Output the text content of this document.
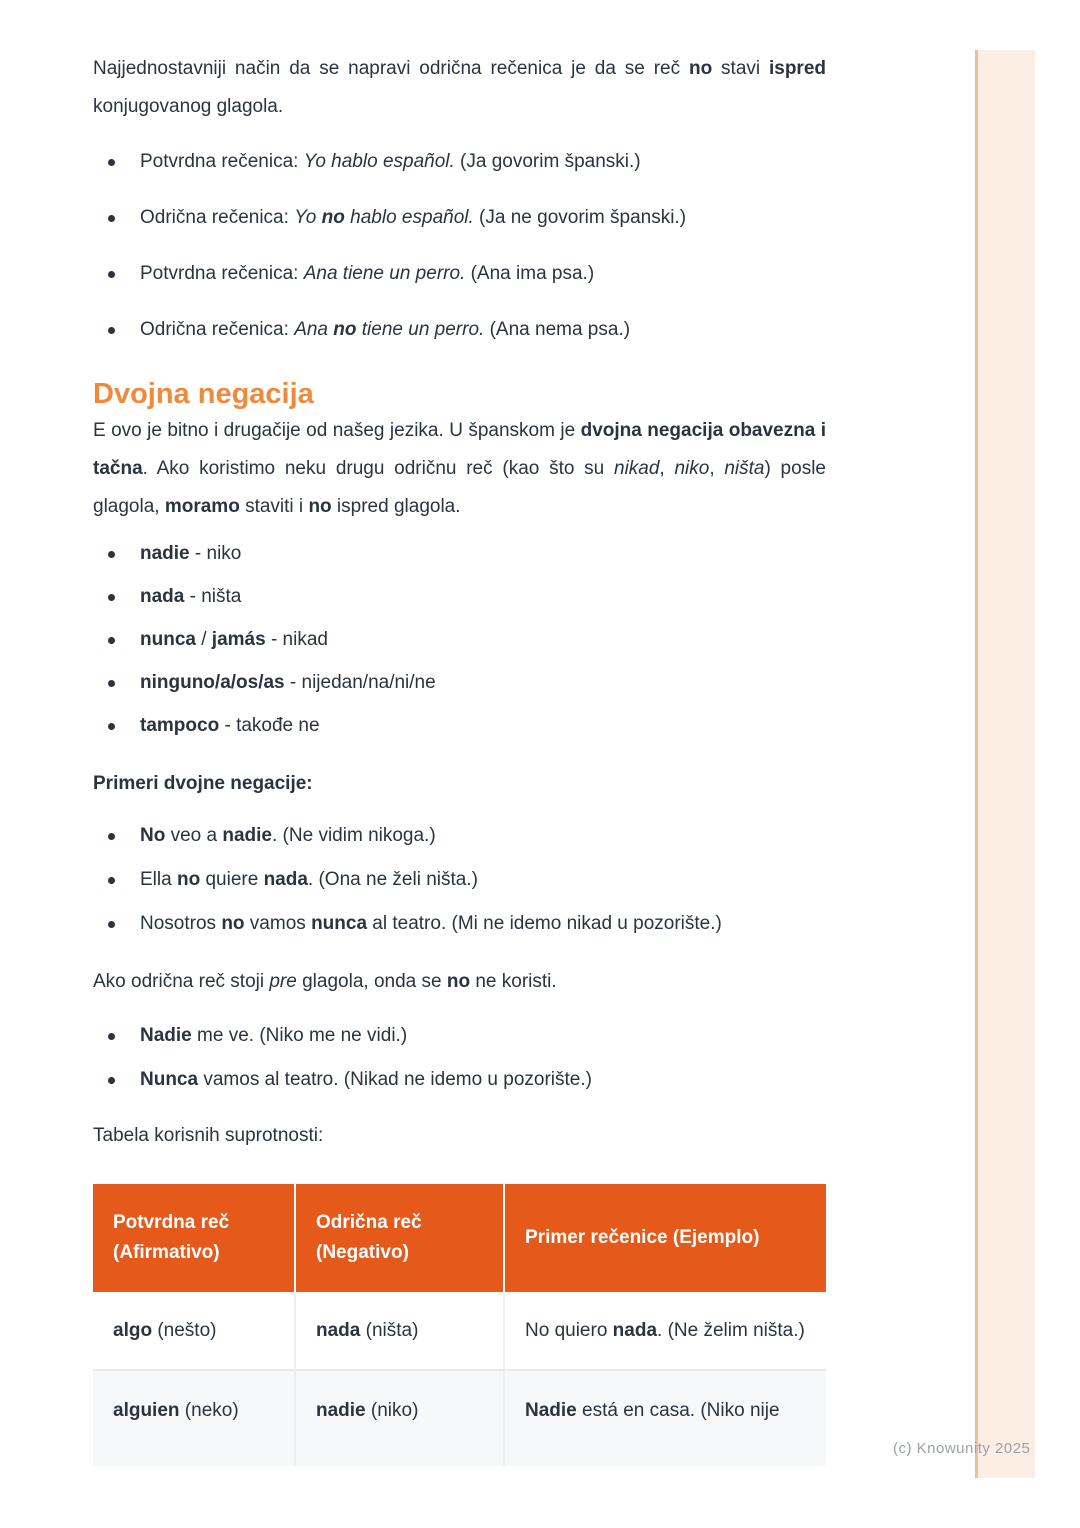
Najjednostavniji način da se napravi odrična rečenica je da se reč no stavi ispred konjugovanog glagola.

Potvrdna rečenica: Yo hablo español. (Ja govorim španski.)
Odrična rečenica: Yo no hablo español. (Ja ne govorim španski.)
Potvrdna rečenica: Ana tiene un perro. (Ana ima psa.)
Odrična rečenica: Ana no tiene un perro. (Ana nema psa.)
Dvojna negacija

E ovo je bitno i drugačije od našeg jezika. U španskom je dvojna negacija obavezna i tačna. Ako koristimo neku drugu odričnu reč (kao što su nikad, niko, ništa) posle glagola, moramo staviti i no ispred glagola.

nadie - niko
nada - ništa
nunca / jamás - nikad
ninguno/a/os/as - nijedan/na/ni/ne
tampoco - takođe ne

Primeri dvojne negacije:

No veo a nadie. (Ne vidim nikoga.)
Ella no quiere nada. (Ona ne želi ništa.)
Nosotros no vamos nunca al teatro. (Mi ne idemo nikad u pozorište.)

Ako odrična reč stoji pre glagola, onda se no ne koristi.

Nadie me ve. (Niko me ne vidi.)
Nunca vamos al teatro. (Nikad ne idemo u pozorište.)

Tabela korisnih suprotnosti:

Potvrdna reč (Afirmativo)	Odrična reč (Negativo)	Primer rečenice (Ejemplo)
algo (nešto)	nada (ništa)	No quiero nada. (Ne želim ništa.)
alguien (neko)	nadie (niko)	Nadie está en casa. (Niko nije
(c) Knowunity 2025
